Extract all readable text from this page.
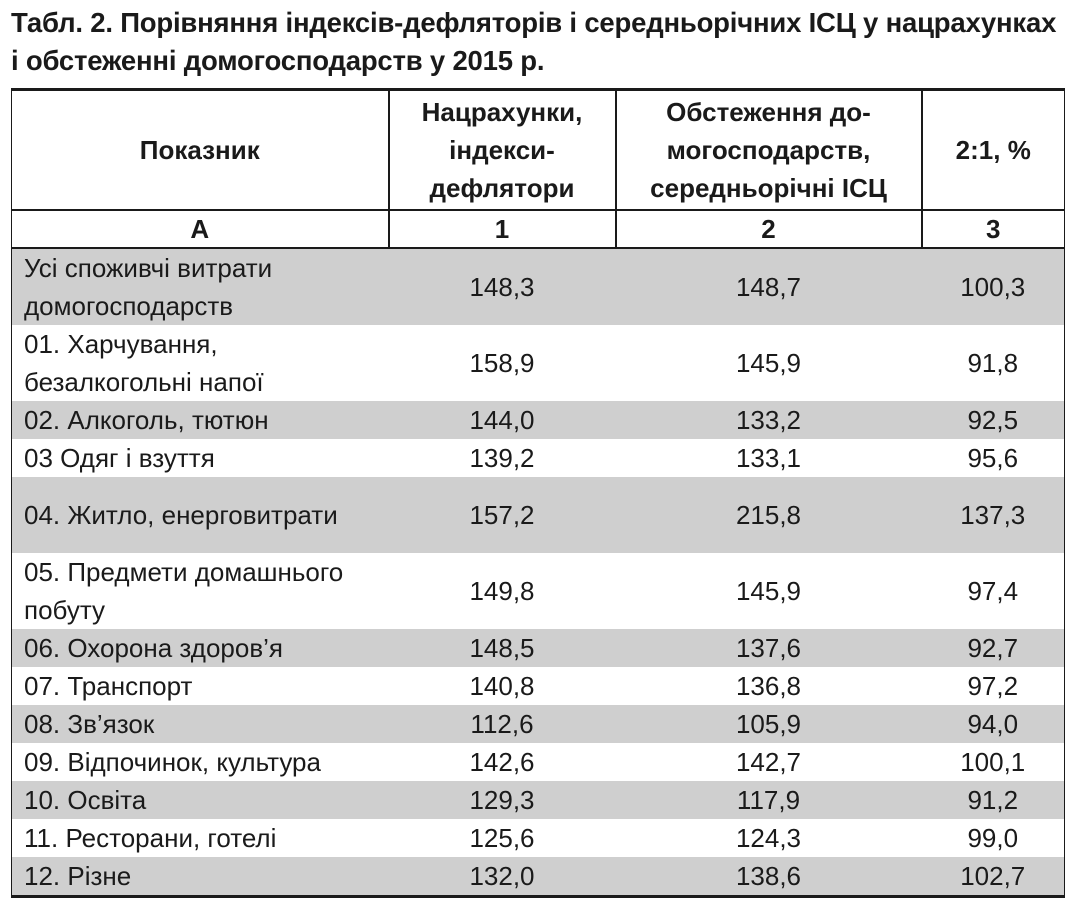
Табл. 2. Порівняння індексів-дефляторів і середньорічних ІСЦ у нацрахунках і обстеженні домогосподарств у 2015 р.
Показник	Нацрахунки, індекси-дефлятори	Обстеження до-могосподарств, середньорічні ІСЦ	2:1, %
А	1	2	3

Усі споживчі витрати домогосподарств	148,3	148,7	100,3

01. Харчування, безалкогольні напої	158,9	145,9	91,8
02. Алкоголь, тютюн	144,0	133,2	92,5
03 Одяг і взуття	139,2	133,1	95,6

04. Житло, енерговитрати	157,2	215,8	137,3

05. Предмети домашнього побуту	149,8	145,9	97,4
06. Охорона здоров’я	148,5	137,6	92,7
07. Транспорт	140,8	136,8	97,2
08. Зв’язок	112,6	105,9	94,0
09. Відпочинок, культура	142,6	142,7	100,1
10. Освіта	129,3	117,9	91,2
11. Ресторани, готелі	125,6	124,3	99,0
12. Різне	132,0	138,6	102,7
